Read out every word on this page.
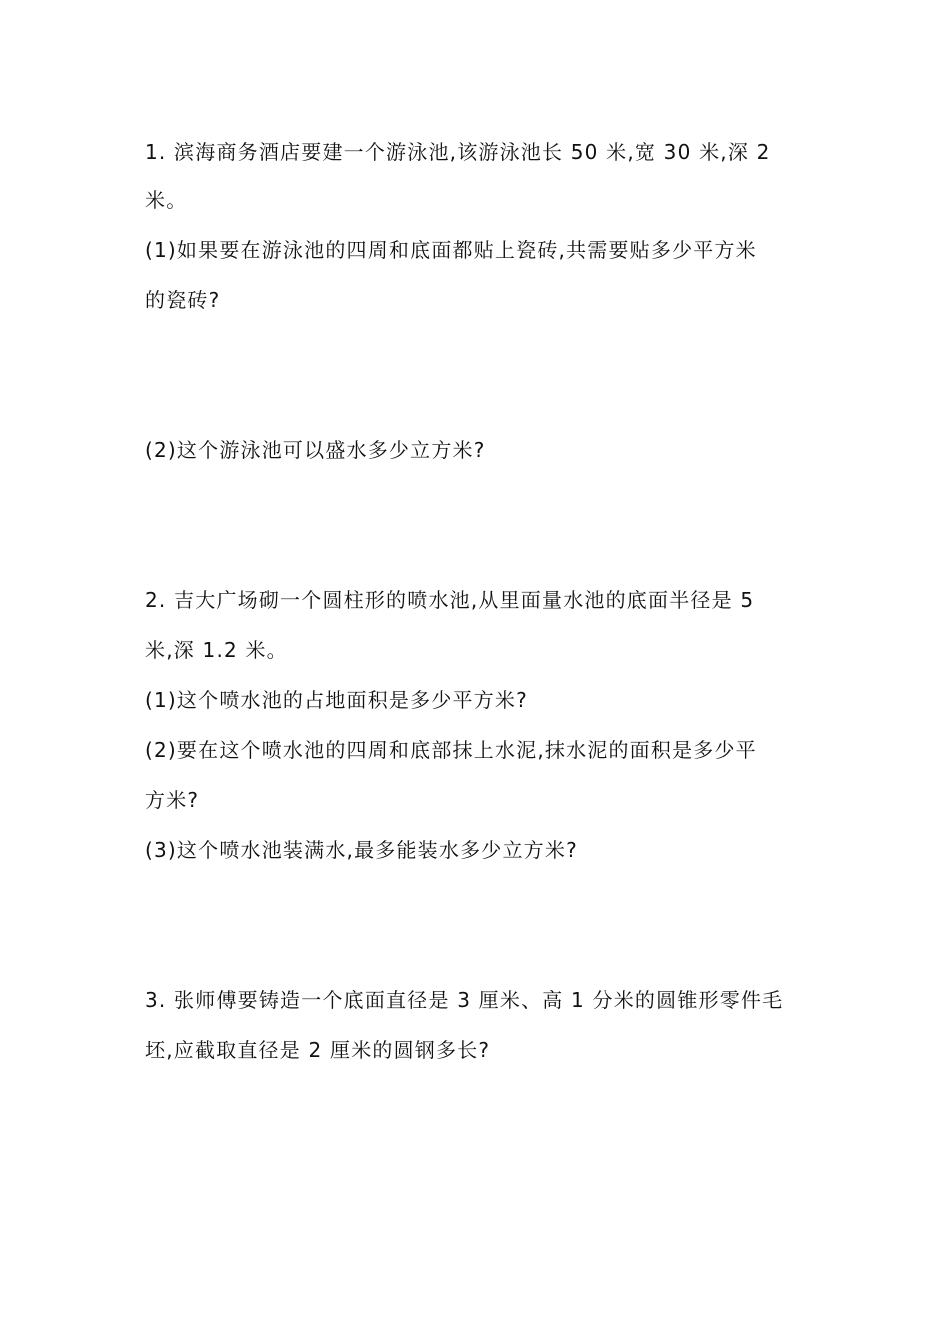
1. 滨海商务酒店要建一个游泳池,该游泳池长 50 米,宽 30 米,深 2
米。
(1)如果要在游泳池的四周和底面都贴上瓷砖,共需要贴多少平方米
的瓷砖?
(2)这个游泳池可以盛水多少立方米?
2. 吉大广场砌一个圆柱形的喷水池,从里面量水池的底面半径是 5
米,深 1.2 米。
(1)这个喷水池的占地面积是多少平方米?
(2)要在这个喷水池的四周和底部抹上水泥,抹水泥的面积是多少平
方米?
(3)这个喷水池装满水,最多能装水多少立方米?
3. 张师傅要铸造一个底面直径是 3 厘米、高 1 分米的圆锥形零件毛
坯,应截取直径是 2 厘米的圆钢多长?
